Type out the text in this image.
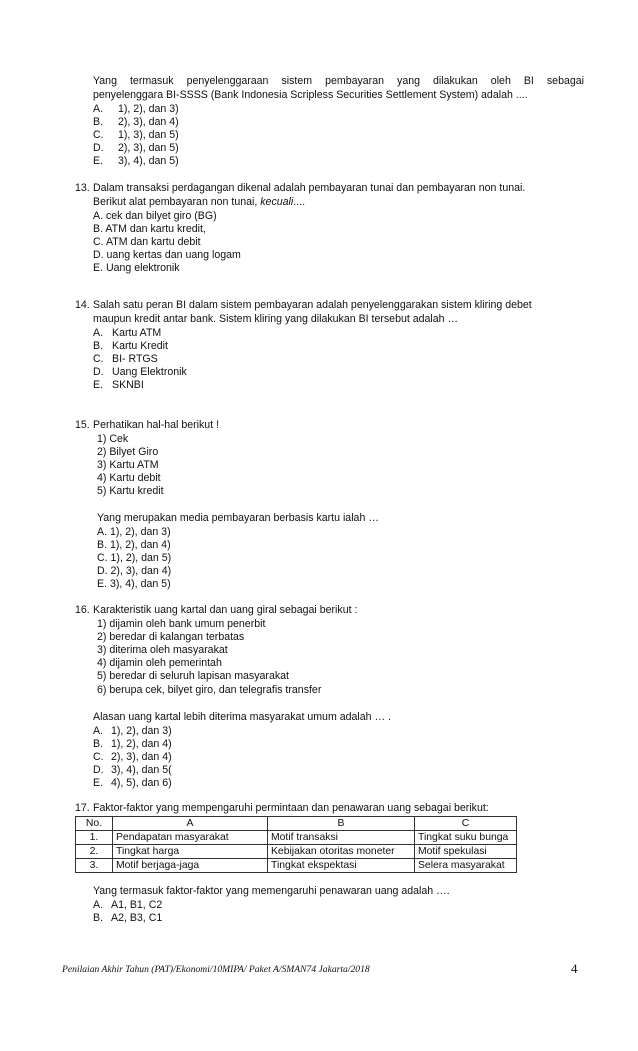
Yang termasuk penyelenggaraan sistem pembayaran yang dilakukan oleh BI sebagai
penyelenggara BI-SSSS (Bank Indonesia Scripless Securities Settlement System) adalah ....
A. 1), 2), dan 3)
B. 2), 3), dan 4)
C. 1), 3), dan 5)
D. 2), 3), dan 5)
E. 3), 4), dan 5)
13. Dalam transaksi perdagangan dikenal adalah pembayaran tunai dan pembayaran non tunai.
Berikut alat pembayaran non tunai, kecuali....
A. cek dan bilyet giro (BG)
B. ATM dan kartu kredit,
C. ATM dan kartu debit
D. uang kertas dan uang logam
E. Uang elektronik
14. Salah satu peran BI dalam sistem pembayaran adalah penyelenggarakan sistem kliring debet
maupun kredit antar bank. Sistem kliring yang dilakukan BI tersebut adalah …
A. Kartu ATM
B. Kartu Kredit
C. BI- RTGS
D. Uang Elektronik
E. SKNBI
15. Perhatikan hal-hal berikut !
1) Cek
2) Bilyet Giro
3) Kartu ATM
4) Kartu debit
5) Kartu kredit
Yang merupakan media pembayaran berbasis kartu ialah …
A. 1), 2), dan 3)
B. 1), 2), dan 4)
C. 1), 2), dan 5)
D. 2), 3), dan 4)
E. 3), 4), dan 5)
16. Karakteristik uang kartal dan uang giral sebagai berikut :
1) dijamin oleh bank umum penerbit
2) beredar di kalangan terbatas
3) diterima oleh masyarakat
4) dijamin oleh pemerintah
5) beredar di seluruh lapisan masyarakat
6) berupa cek, bilyet giro, dan telegrafis transfer
Alasan uang kartal lebih diterima masyarakat umum adalah … .
A. 1), 2), dan 3)
B. 1), 2), dan 4)
C. 2), 3), dan 4)
D. 3), 4), dan 5(
E. 4), 5), dan 6)
17. Faktor-faktor yang mempengaruhi permintaan dan penawaran uang sebagai berikut:
No.	A	B	C
1.	Pendapatan masyarakat	Motif transaksi	Tingkat suku bunga
2.	Tingkat harga	Kebijakan otoritas moneter	Motif spekulasi
3.	Motif berjaga-jaga	Tingkat ekspektasi	Selera masyarakat
Yang termasuk faktor-faktor yang memengaruhi penawaran uang adalah ….
A. A1, B1, C2
B. A2, B3, C1
Penilaian Akhir Tahun (PAT)/Ekonomi/10MIPA/ Paket A/SMAN74 Jakarta/2018	4
